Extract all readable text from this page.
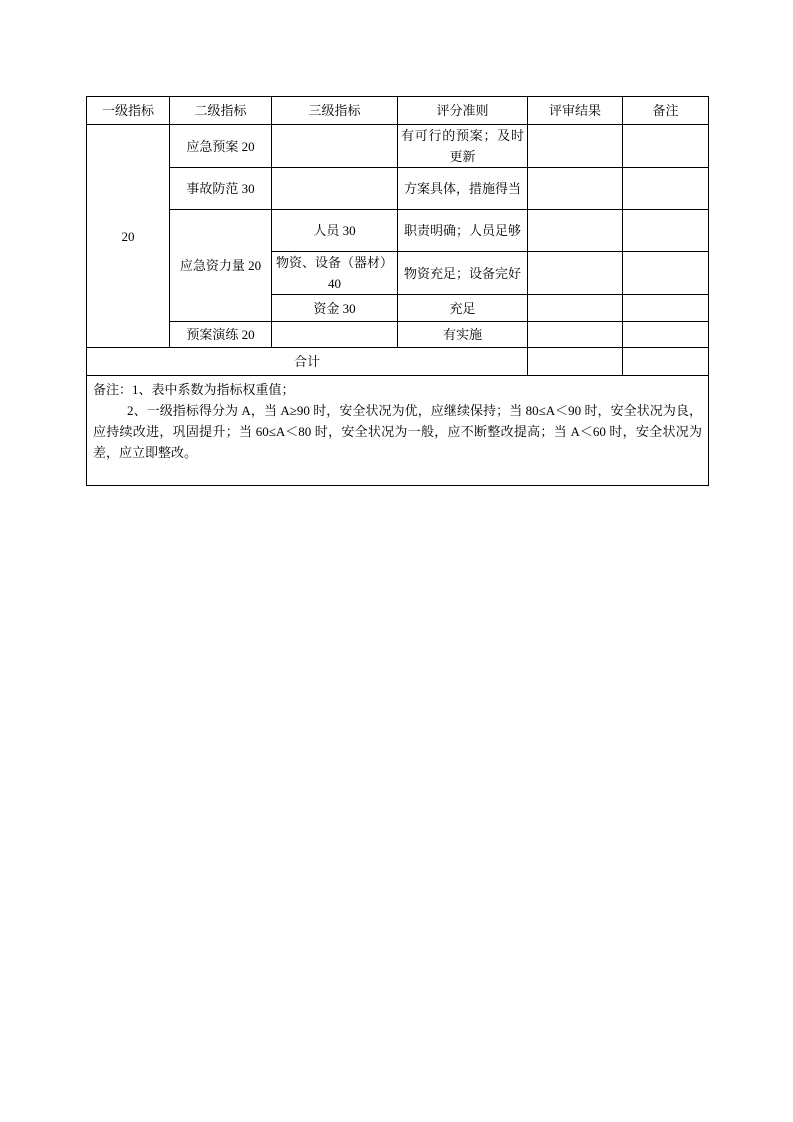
一级指标	二级指标	三级指标	评分准则	评审结果	备注
20	应急预案 20		有可行的预案；及时更新		

	事故防范 30		方案具体，措施得当		

	应急资力量 20	人员 30	职责明确；人员足够		

		物资、设备（器材）40	物资充足；设备完好		

		资金 30	充足		
	预案演练 20		有实施		
合计					

备注：1、表中系数为指标权重值；
2、一级指标得分为 A，当 A≥90 时，安全状况为优，应继续保持；当 80≤A＜90 时，安全状况为良，应持续改进，巩固提升；当 60≤A＜80 时，安全状况为一般，应不断整改提高；当 A＜60 时，安全状况为差，应立即整改。					
